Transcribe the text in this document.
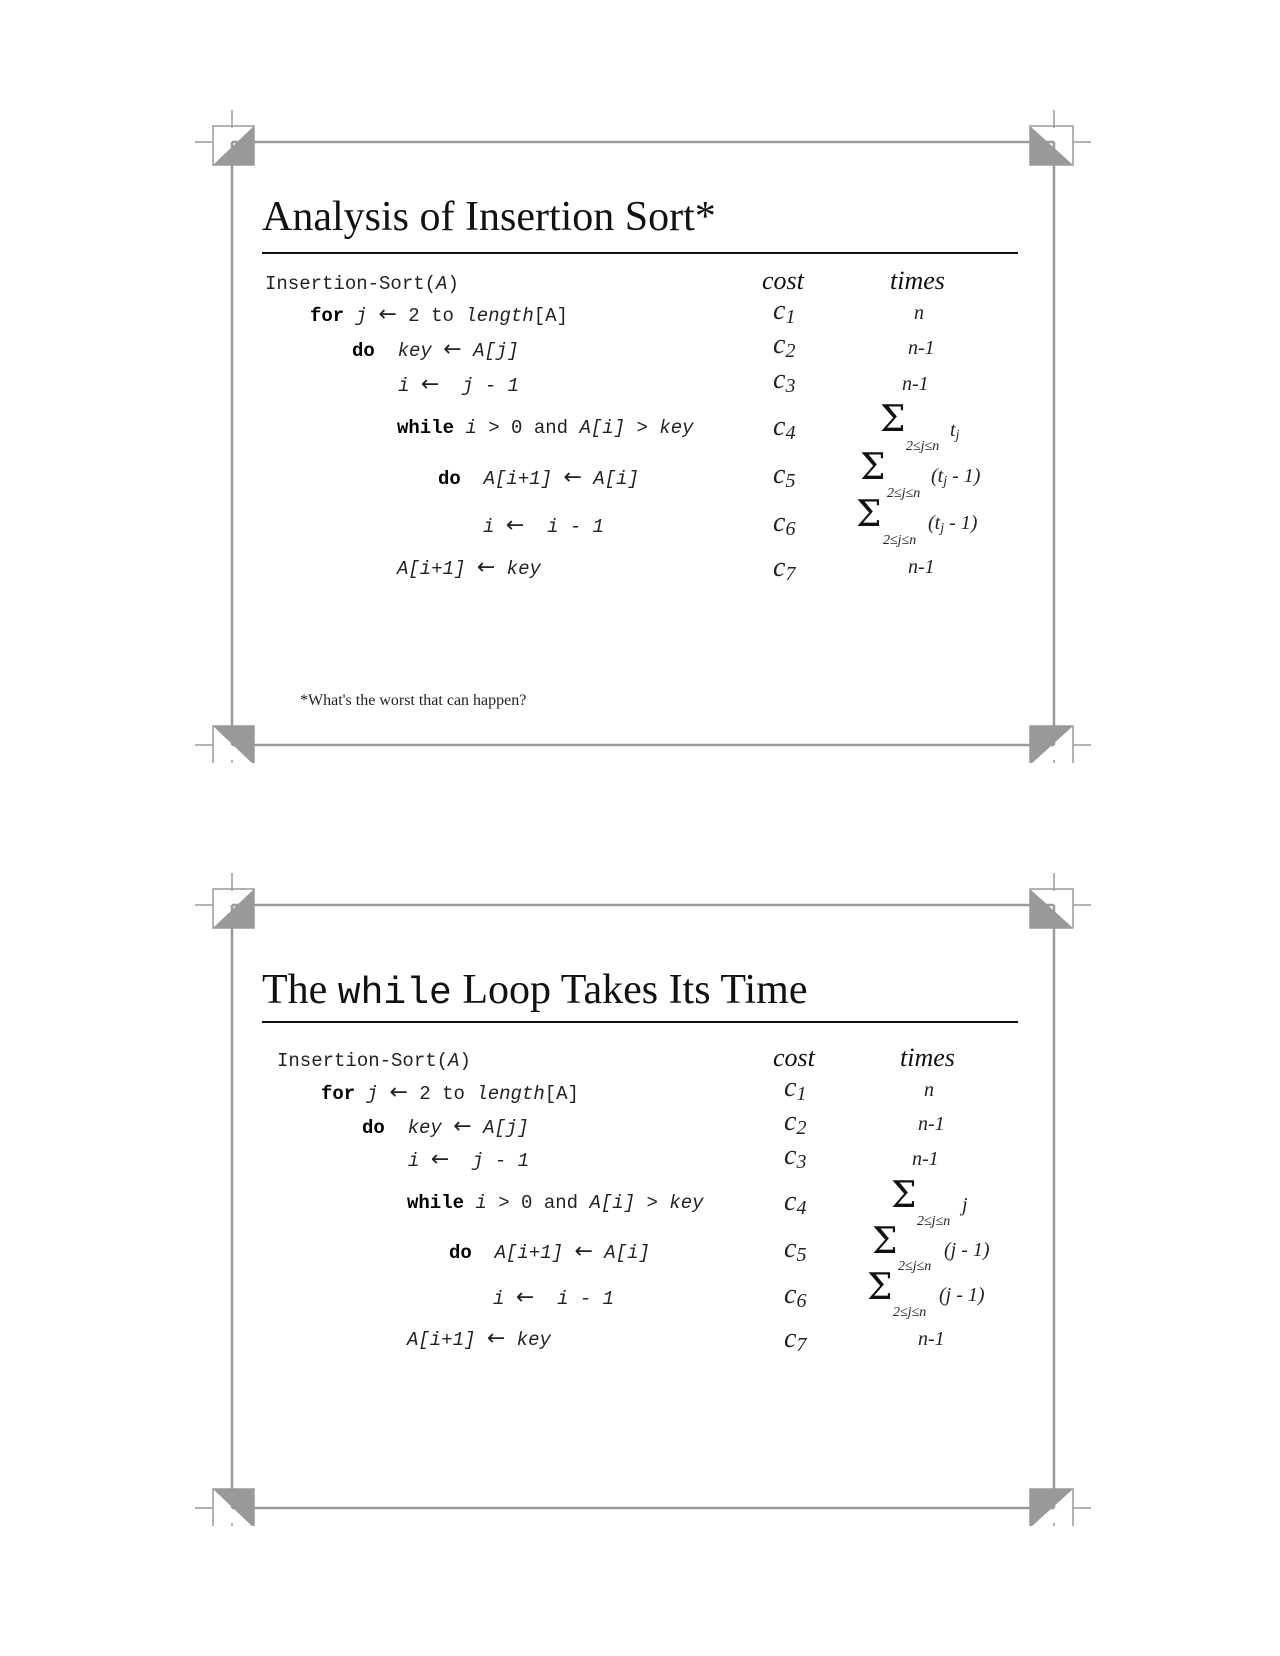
Analysis of Insertion Sort*
Insertion-Sort(A)
for j ← 2 to length[A]
do key ← A[j]
i ← j - 1
while i > 0 and A[i] > key
do A[i+1] ← A[i]
i ← i - 1
A[i+1] ← key
cost	times
$c_1$
$c_2$
$c_3$
$c_4$
$c_5$
$c_6$
$c_7$
n
n-1
n-1
Σ
2≤j≤n
$t_j$
Σ
2≤j≤n
$(t_j - 1)$
Σ
2≤j≤n
$(t_j - 1)$
n-1
*What's the worst that can happen?
The while Loop Takes Its Time
Insertion-Sort(A)
for j ← 2 to length[A]
do key ← A[j]
i ← j - 1
while i > 0 and A[i] > key
do A[i+1] ← A[i]
i ← i - 1
A[i+1] ← key
cost	times
$c_1$
$c_2$
$c_3$
$c_4$
$c_5$
$c_6$
$c_7$
n
n-1
n-1
Σ
2≤j≤n
j
Σ
2≤j≤n
(j - 1)
Σ
2≤j≤n
(j - 1)
n-1
